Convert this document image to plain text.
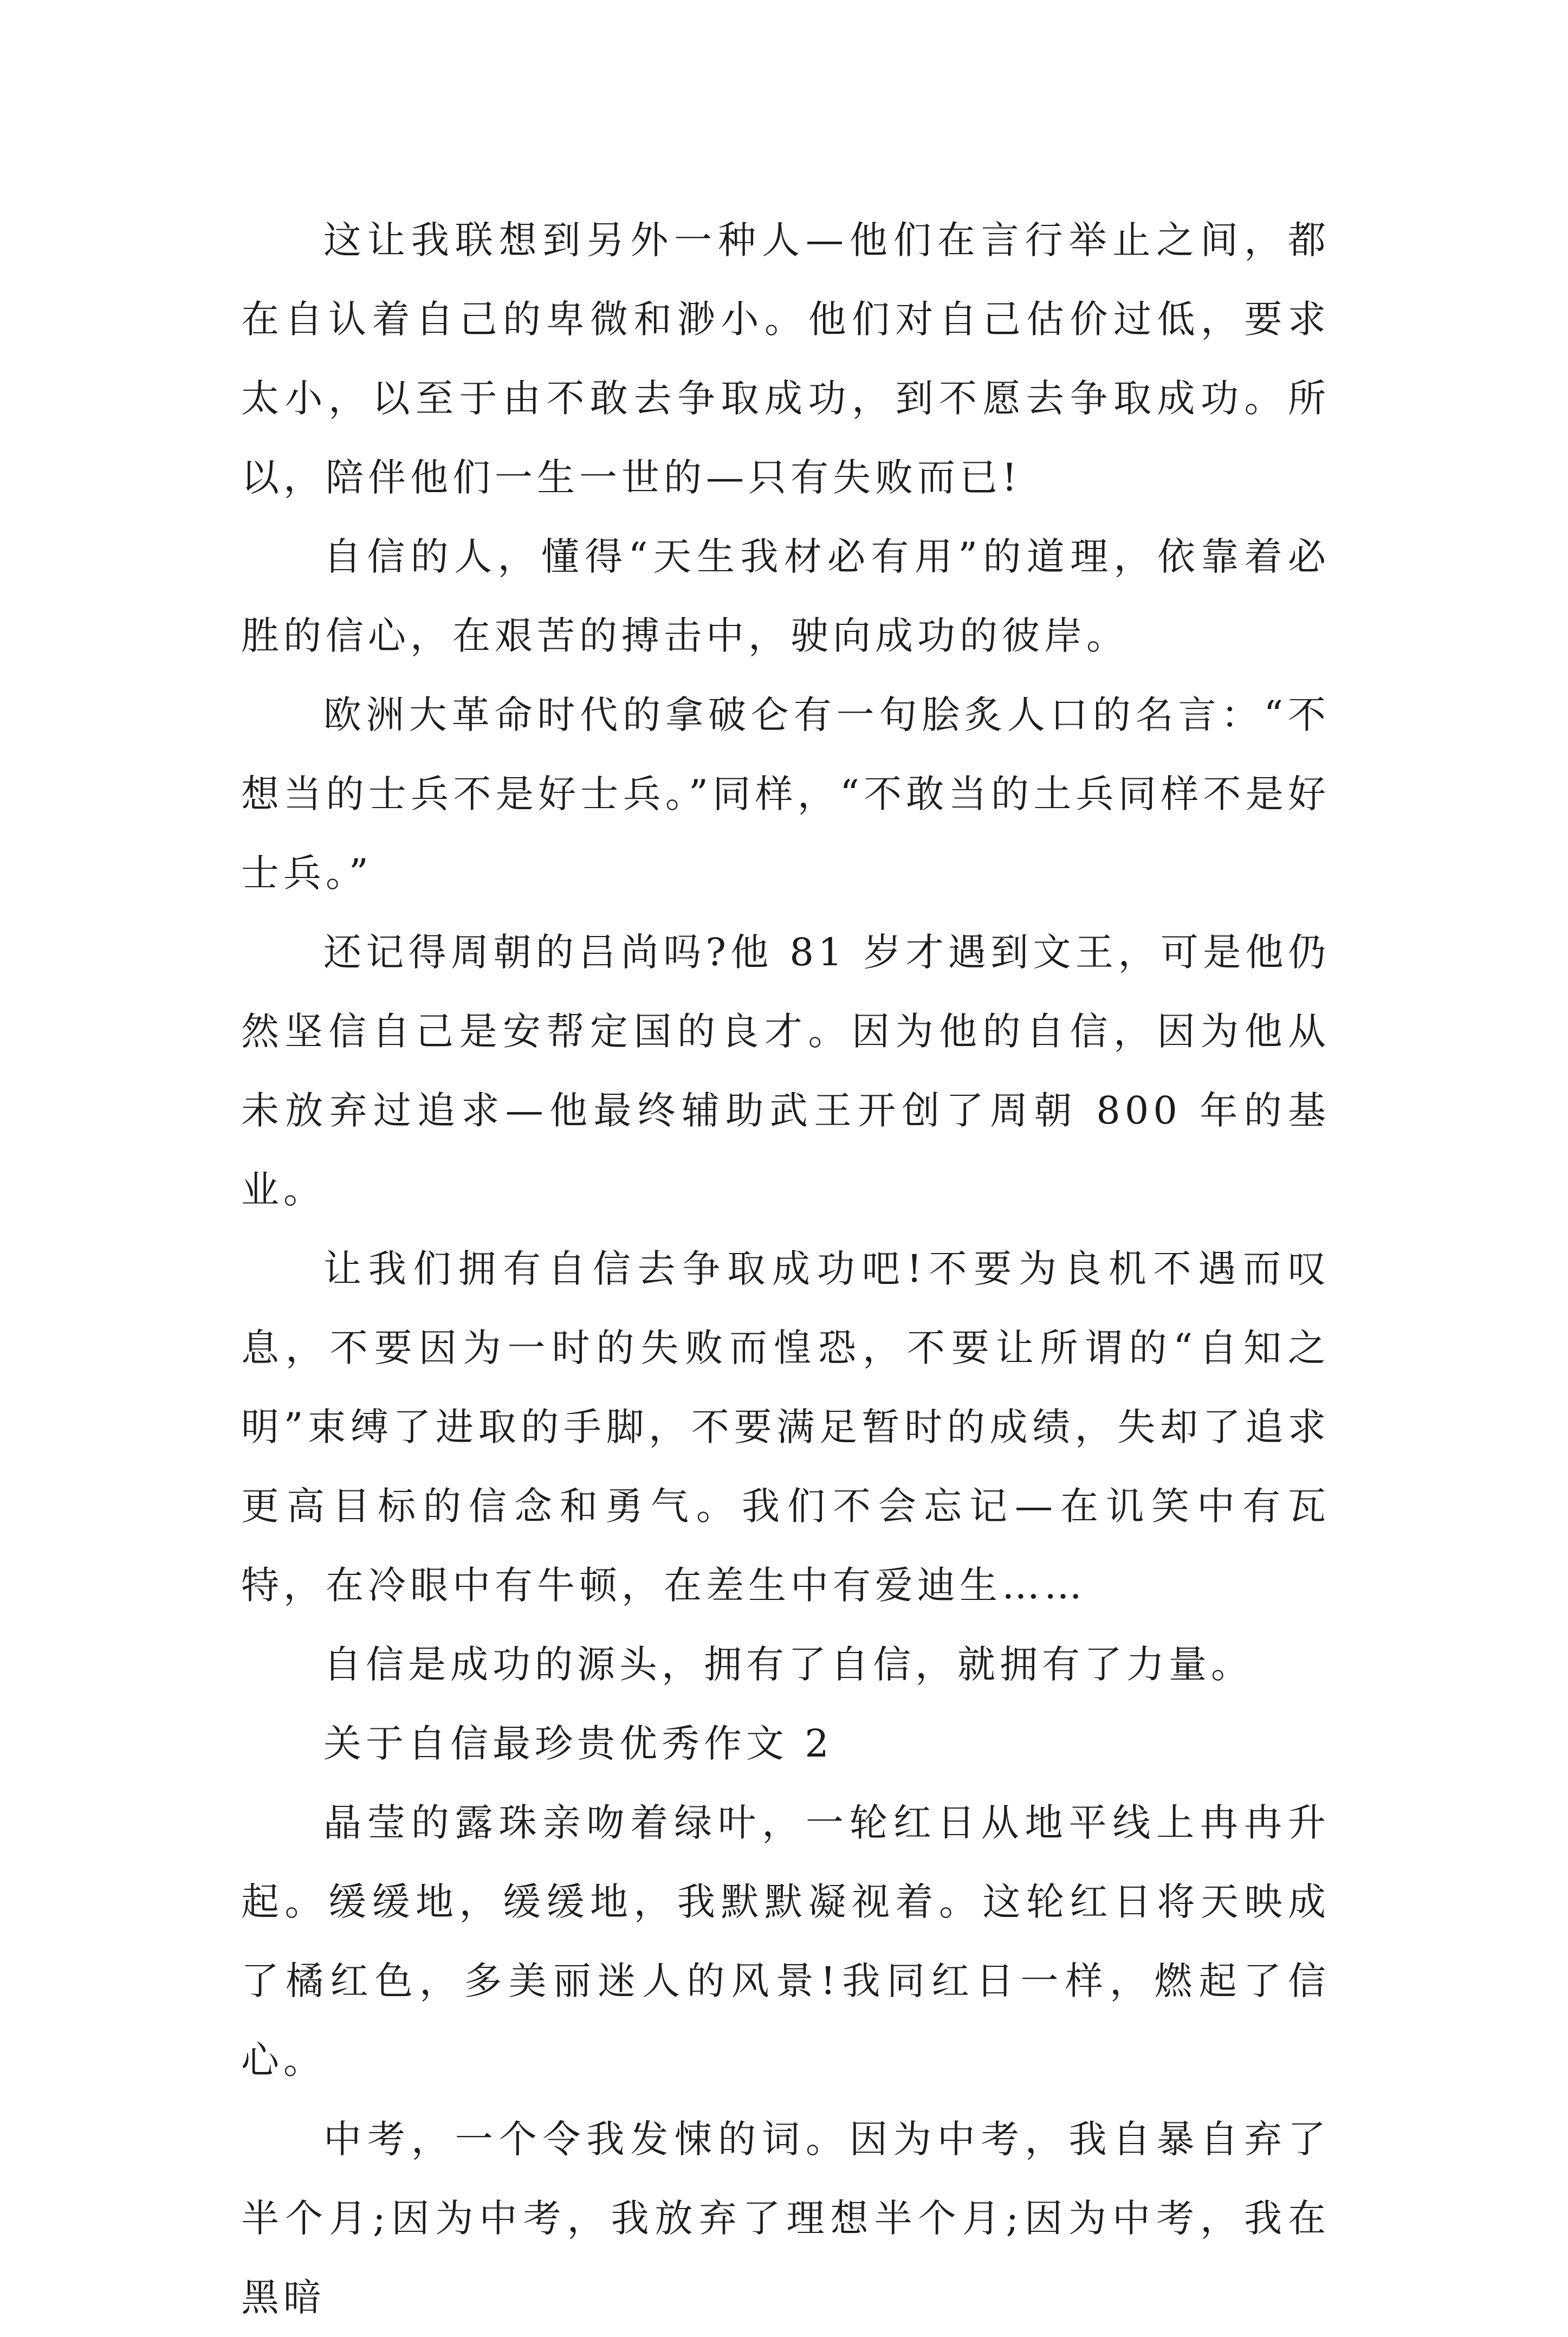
这让我联想到另外一种人—他们在言行举止之间，都在自认着自己的卑微和渺小。他们对自己估价过低，要求太小，以至于由不敢去争取成功，到不愿去争取成功。所以，陪伴他们一生一世的—只有失败而已!

自信的人，懂得“天生我材必有用”的道理，依靠着必胜的信心，在艰苦的搏击中，驶向成功的彼岸。

欧洲大革命时代的拿破仑有一句脍炙人口的名言：“不想当的士兵不是好士兵。”同样，“不敢当的土兵同样不是好士兵。”

还记得周朝的吕尚吗?他 81 岁才遇到文王，可是他仍然坚信自己是安帮定国的良才。因为他的自信，因为他从未放弃过追求—他最终辅助武王开创了周朝 800 年的基业。

让我们拥有自信去争取成功吧!不要为良机不遇而叹息，不要因为一时的失败而惶恐，不要让所谓的“自知之明”束缚了进取的手脚，不要满足暂时的成绩，失却了追求更高目标的信念和勇气。我们不会忘记—在讥笑中有瓦特，在冷眼中有牛顿，在差生中有爱迪生……

自信是成功的源头，拥有了自信，就拥有了力量。

关于自信最珍贵优秀作文 2

晶莹的露珠亲吻着绿叶，一轮红日从地平线上冉冉升起。缓缓地，缓缓地，我默默凝视着。这轮红日将天映成了橘红色，多美丽迷人的风景!我同红日一样，燃起了信心。

中考，一个令我发悚的词。因为中考，我自暴自弃了半个月;因为中考，我放弃了理想半个月;因为中考，我在黑暗
